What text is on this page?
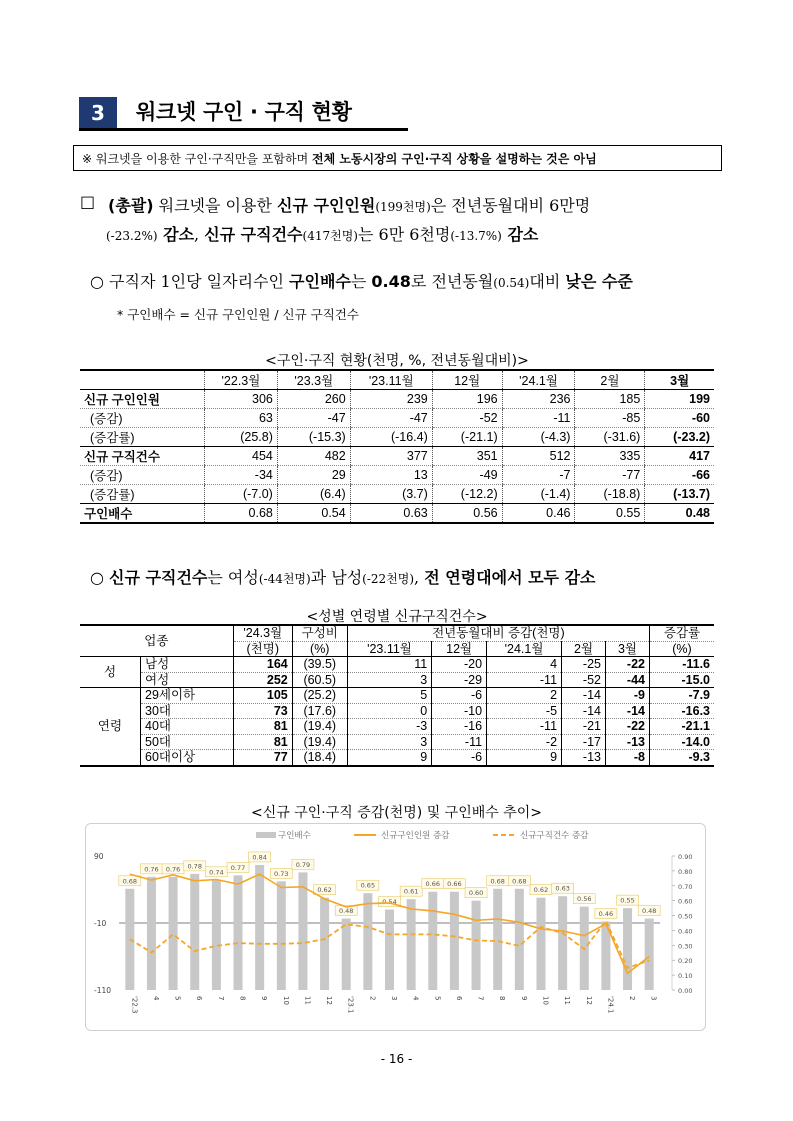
3	워크넷 구인 · 구직 현황
※ 워크넷을 이용한 구인·구직만을 포함하며 전체 노동시장의 구인·구직 상황을 설명하는 것은 아님
□ (총괄) 워크넷을 이용한 신규 구인인원(199천명)은 전년동월대비 6만명
(-23.2%) 감소, 신규 구직건수(417천명)는 6만 6천명(-13.7%) 감소
○ 구직자 1인당 일자리수인 구인배수는 0.48로 전년동월(0.54)대비 낮은 수준
* 구인배수 = 신규 구인인원 / 신규 구직건수
<구인·구직 현황(천명, %, 전년동월대비)>
	'22.3월	'23.3월	'23.11월	12월	'24.1월	2월	3월
신규 구인인원	306	260	239	196	236	185	199
(증감)	63	-47	-47	-52	-11	-85	-60
(증감률)	(25.8)	(-15.3)	(-16.4)	(-21.1)	(-4.3)	(-31.6)	(-23.2)
신규 구직건수	454	482	377	351	512	335	417
(증감)	-34	29	13	-49	-7	-77	-66
(증감률)	(-7.0)	(6.4)	(3.7)	(-12.2)	(-1.4)	(-18.8)	(-13.7)
구인배수	0.68	0.54	0.63	0.56	0.46	0.55	0.48
○ 신규 구직건수는 여성(-44천명)과 남성(-22천명), 전 연령대에서 모두 감소
<성별 연령별 신규구직건수>
업종		'24.3월	구성비	전년동월대비 증감(천명)					증감률
		(천명)	(%)	'23.11월	12월	'24.1월	2월	3월	(%)
성	남성	164	(39.5)	11	-20	4	-25	-22	-11.6
	여성	252	(60.5)	3	-29	-11	-52	-44	-15.0
연령	29세이하	105	(25.2)	5	-6	2	-14	-9	-7.9
	30대	73	(17.6)	0	-10	-5	-14	-14	-16.3
	40대	81	(19.4)	-3	-16	-11	-21	-22	-21.1
	50대	81	(19.4)	3	-11	-2	-17	-13	-14.0
	60대이상	77	(18.4)	9	-6	9	-13	-8	-9.3
<신규 구인·구직 증감(천명) 및 구인배수 추이>
구인배수	신규구인인원 증감	신규구직건수 증감
90
-10
-110
0.90
0.80
0.70
0.60
0.50
0.40
0.30
0.20
0.10
0.00
0.68
0.76 0.76 0.78
0.74
0.77
0.84
0.73
0.79
0.62
0.48
0.65
0.54
0.61
0.66 0.66
0.60
0.68 0.68
0.62 0.63
0.56
0.46
0.55
0.48
'22.3 4 5 6 7 8 9 10 11 12 '23.1 2 3 4 5 6 7 8 9 10 11 12 '24.1 2 3
- 16 -
